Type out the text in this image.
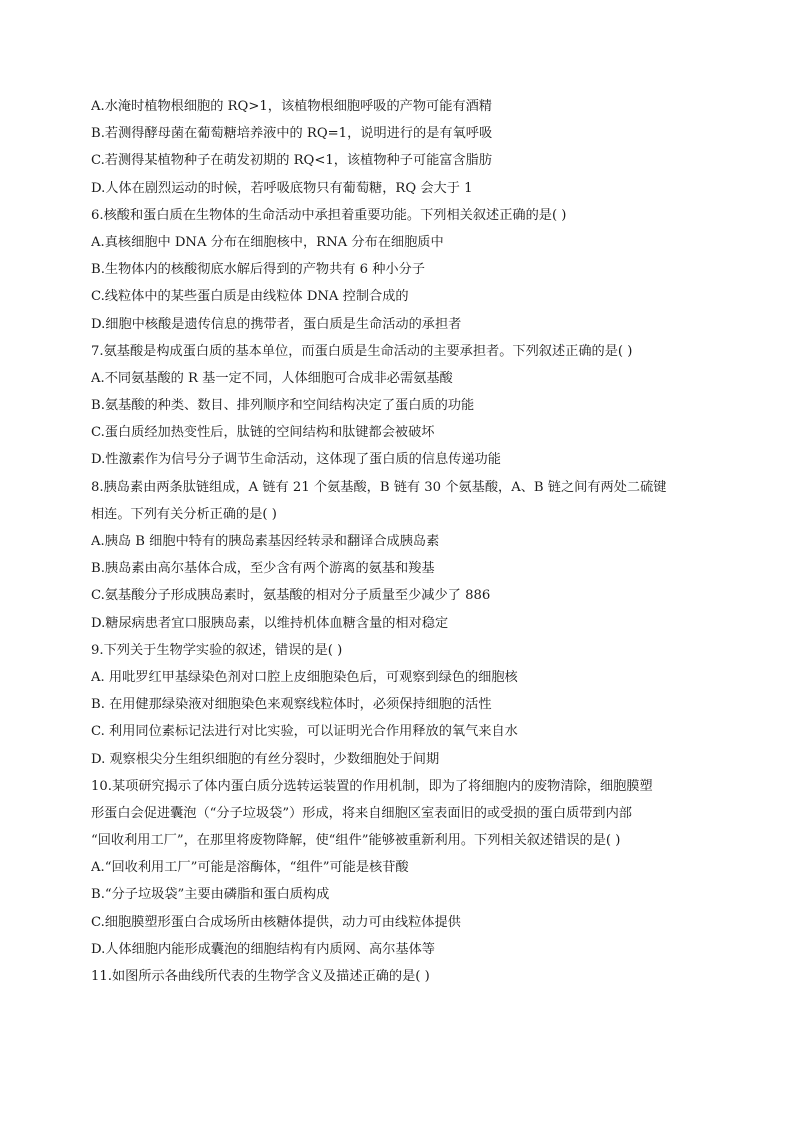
A.水淹时植物根细胞的 RQ>1，该植物根细胞呼吸的产物可能有酒精
B.若测得酵母菌在葡萄糖培养液中的 RQ=1，说明进行的是有氧呼吸
C.若测得某植物种子在萌发初期的 RQ<1，该植物种子可能富含脂肪
D.人体在剧烈运动的时候，若呼吸底物只有葡萄糖，RQ 会大于 1
6.核酸和蛋白质在生物体的生命活动中承担着重要功能。下列相关叙述正确的是( )
A.真核细胞中 DNA 分布在细胞核中，RNA 分布在细胞质中
B.生物体内的核酸彻底水解后得到的产物共有 6 种小分子
C.线粒体中的某些蛋白质是由线粒体 DNA 控制合成的
D.细胞中核酸是遗传信息的携带者，蛋白质是生命活动的承担者
7.氨基酸是构成蛋白质的基本单位，而蛋白质是生命活动的主要承担者。下列叙述正确的是( )
A.不同氨基酸的 R 基一定不同，人体细胞可合成非必需氨基酸
B.氨基酸的种类、数目、排列顺序和空间结构决定了蛋白质的功能
C.蛋白质经加热变性后，肽链的空间结构和肽键都会被破坏
D.性激素作为信号分子调节生命活动，这体现了蛋白质的信息传递功能
8.胰岛素由两条肽链组成，A 链有 21 个氨基酸，B 链有 30 个氨基酸，A、B 链之间有两处二硫键
相连。下列有关分析正确的是( )
A.胰岛 B 细胞中特有的胰岛素基因经转录和翻译合成胰岛素
B.胰岛素由高尔基体合成，至少含有两个游离的氨基和羧基
C.氨基酸分子形成胰岛素时，氨基酸的相对分子质量至少减少了 886
D.糖尿病患者宜口服胰岛素，以维持机体血糖含量的相对稳定
9.下列关于生物学实验的叙述，错误的是( )
A. 用吡罗红甲基绿染色剂对口腔上皮细胞染色后，可观察到绿色的细胞核
B. 在用健那绿染液对细胞染色来观察线粒体时，必须保持细胞的活性
C. 利用同位素标记法进行对比实验，可以证明光合作用释放的氧气来自水
D. 观察根尖分生组织细胞的有丝分裂时，少数细胞处于间期
10.某项研究揭示了体内蛋白质分选转运装置的作用机制，即为了将细胞内的废物清除，细胞膜塑
形蛋白会促进囊泡（“分子垃圾袋”）形成，将来自细胞区室表面旧的或受损的蛋白质带到内部
“回收利用工厂”，在那里将废物降解，使“组件”能够被重新利用。下列相关叙述错误的是( )
A.“回收利用工厂”可能是溶酶体，“组件”可能是核苷酸
B.“分子垃圾袋”主要由磷脂和蛋白质构成
C.细胞膜塑形蛋白合成场所由核糖体提供，动力可由线粒体提供
D.人体细胞内能形成囊泡的细胞结构有内质网、高尔基体等
11.如图所示各曲线所代表的生物学含义及描述正确的是( )
